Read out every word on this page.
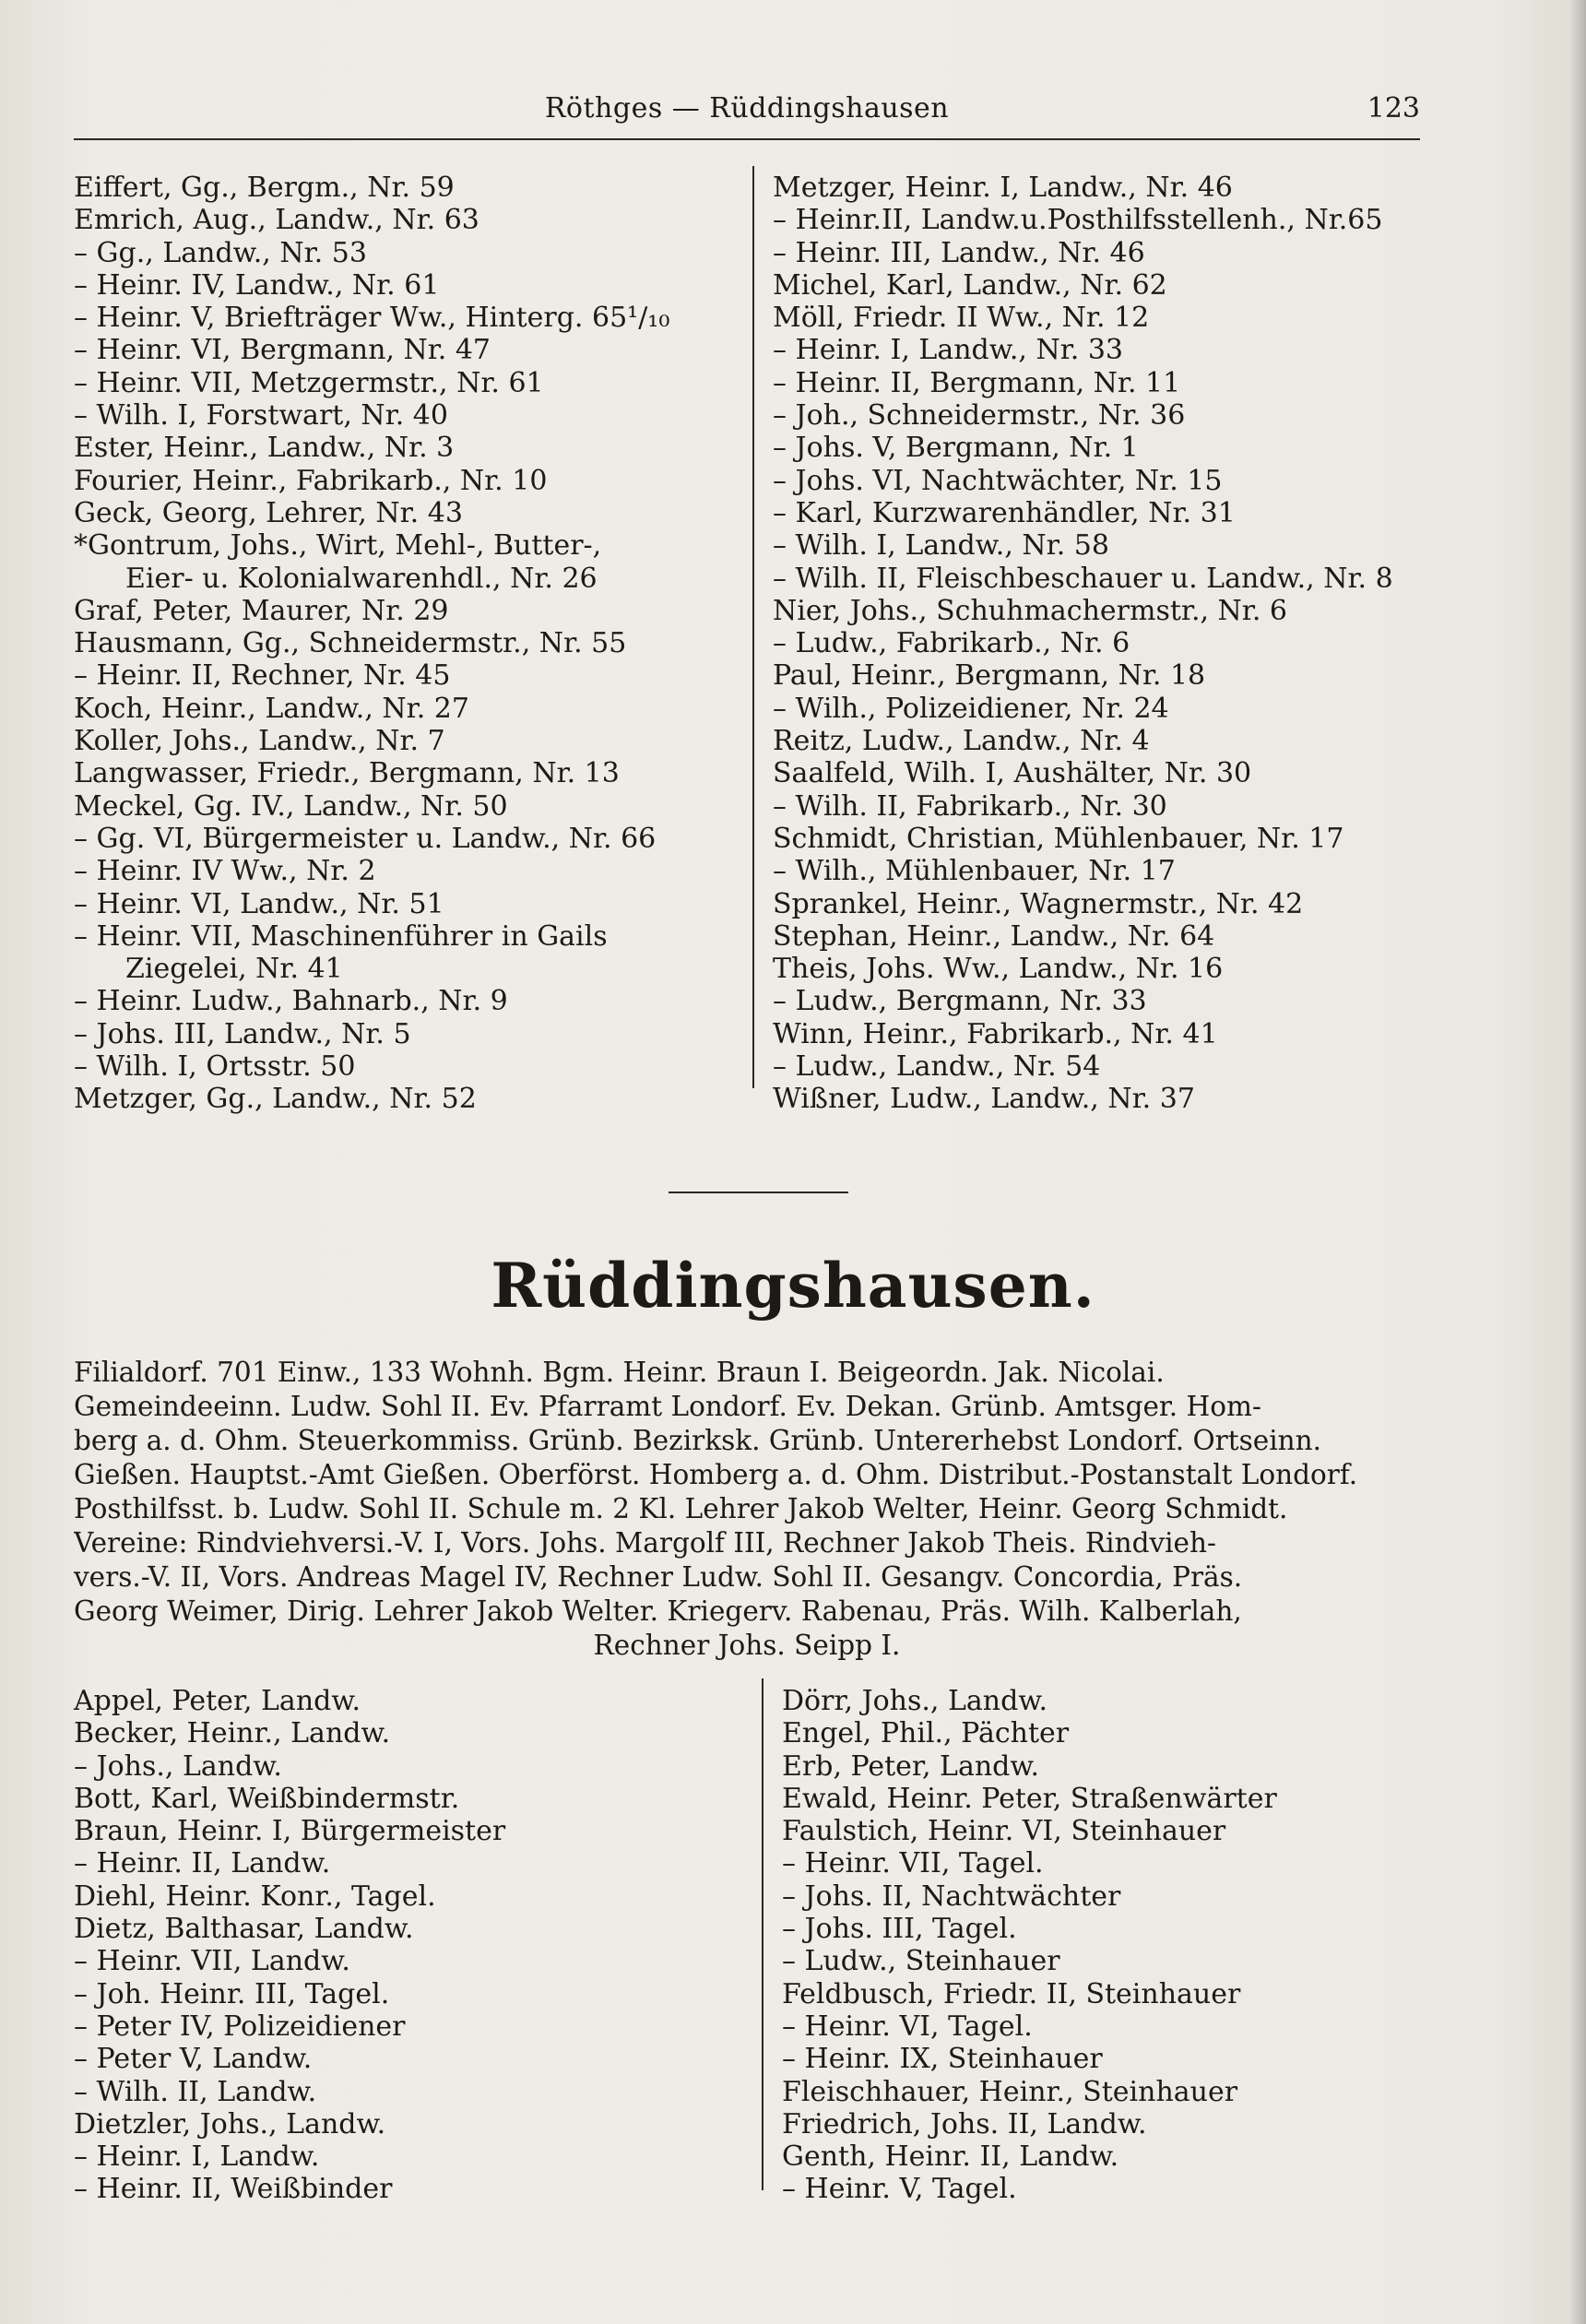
Röthges — Rüddingshausen	123
Eiffert, Gg., Bergm., Nr. 59
Emrich, Aug., Landw., Nr. 63
– Gg., Landw., Nr. 53
– Heinr. IV, Landw., Nr. 61
– Heinr. V, Briefträger Ww., Hinterg. 65¹/₁₀
– Heinr. VI, Bergmann, Nr. 47
– Heinr. VII, Metzgermstr., Nr. 61
– Wilh. I, Forstwart, Nr. 40
Ester, Heinr., Landw., Nr. 3
Fourier, Heinr., Fabrikarb., Nr. 10
Geck, Georg, Lehrer, Nr. 43
*Gontrum, Johs., Wirt, Mehl-, Butter-,
Eier- u. Kolonialwarenhdl., Nr. 26
Graf, Peter, Maurer, Nr. 29
Hausmann, Gg., Schneidermstr., Nr. 55
– Heinr. II, Rechner, Nr. 45
Koch, Heinr., Landw., Nr. 27
Koller, Johs., Landw., Nr. 7
Langwasser, Friedr., Bergmann, Nr. 13
Meckel, Gg. IV., Landw., Nr. 50
– Gg. VI, Bürgermeister u. Landw., Nr. 66
– Heinr. IV Ww., Nr. 2
– Heinr. VI, Landw., Nr. 51
– Heinr. VII, Maschinenführer in Gails
Ziegelei, Nr. 41
– Heinr. Ludw., Bahnarb., Nr. 9
– Johs. III, Landw., Nr. 5
– Wilh. I, Ortsstr. 50
Metzger, Gg., Landw., Nr. 52
Metzger, Heinr. I, Landw., Nr. 46
– Heinr.II, Landw.u.Posthilfsstellenh., Nr.65
– Heinr. III, Landw., Nr. 46
Michel, Karl, Landw., Nr. 62
Möll, Friedr. II Ww., Nr. 12
– Heinr. I, Landw., Nr. 33
– Heinr. II, Bergmann, Nr. 11
– Joh., Schneidermstr., Nr. 36
– Johs. V, Bergmann, Nr. 1
– Johs. VI, Nachtwächter, Nr. 15
– Karl, Kurzwarenhändler, Nr. 31
– Wilh. I, Landw., Nr. 58
– Wilh. II, Fleischbeschauer u. Landw., Nr. 8
Nier, Johs., Schuhmachermstr., Nr. 6
– Ludw., Fabrikarb., Nr. 6
Paul, Heinr., Bergmann, Nr. 18
– Wilh., Polizeidiener, Nr. 24
Reitz, Ludw., Landw., Nr. 4
Saalfeld, Wilh. I, Aushälter, Nr. 30
– Wilh. II, Fabrikarb., Nr. 30
Schmidt, Christian, Mühlenbauer, Nr. 17
– Wilh., Mühlenbauer, Nr. 17
Sprankel, Heinr., Wagnermstr., Nr. 42
Stephan, Heinr., Landw., Nr. 64
Theis, Johs. Ww., Landw., Nr. 16
– Ludw., Bergmann, Nr. 33
Winn, Heinr., Fabrikarb., Nr. 41
– Ludw., Landw., Nr. 54
Wißner, Ludw., Landw., Nr. 37
Rüddingshausen.
Filialdorf. 701 Einw., 133 Wohnh. Bgm. Heinr. Braun I. Beigeordn. Jak. Nicolai.
Gemeindeeinn. Ludw. Sohl II. Ev. Pfarramt Londorf. Ev. Dekan. Grünb. Amtsger. Hom-
berg a. d. Ohm. Steuerkommiss. Grünb. Bezirksk. Grünb. Untererhebst Londorf. Ortseinn.
Gießen. Hauptst.-Amt Gießen. Oberförst. Homberg a. d. Ohm. Distribut.-Postanstalt Londorf.
Posthilfsst. b. Ludw. Sohl II. Schule m. 2 Kl. Lehrer Jakob Welter, Heinr. Georg Schmidt.
Vereine: Rindviehversi.-V. I, Vors. Johs. Margolf III, Rechner Jakob Theis. Rindvieh-
vers.-V. II, Vors. Andreas Magel IV, Rechner Ludw. Sohl II. Gesangv. Concordia, Präs.
Georg Weimer, Dirig. Lehrer Jakob Welter. Kriegerv. Rabenau, Präs. Wilh. Kalberlah,
Rechner Johs. Seipp I.
Appel, Peter, Landw.
Becker, Heinr., Landw.
– Johs., Landw.
Bott, Karl, Weißbindermstr.
Braun, Heinr. I, Bürgermeister
– Heinr. II, Landw.
Diehl, Heinr. Konr., Tagel.
Dietz, Balthasar, Landw.
– Heinr. VII, Landw.
– Joh. Heinr. III, Tagel.
– Peter IV, Polizeidiener
– Peter V, Landw.
– Wilh. II, Landw.
Dietzler, Johs., Landw.
– Heinr. I, Landw.
– Heinr. II, Weißbinder
Dörr, Johs., Landw.
Engel, Phil., Pächter
Erb, Peter, Landw.
Ewald, Heinr. Peter, Straßenwärter
Faulstich, Heinr. VI, Steinhauer
– Heinr. VII, Tagel.
– Johs. II, Nachtwächter
– Johs. III, Tagel.
– Ludw., Steinhauer
Feldbusch, Friedr. II, Steinhauer
– Heinr. VI, Tagel.
– Heinr. IX, Steinhauer
Fleischhauer, Heinr., Steinhauer
Friedrich, Johs. II, Landw.
Genth, Heinr. II, Landw.
– Heinr. V, Tagel.
